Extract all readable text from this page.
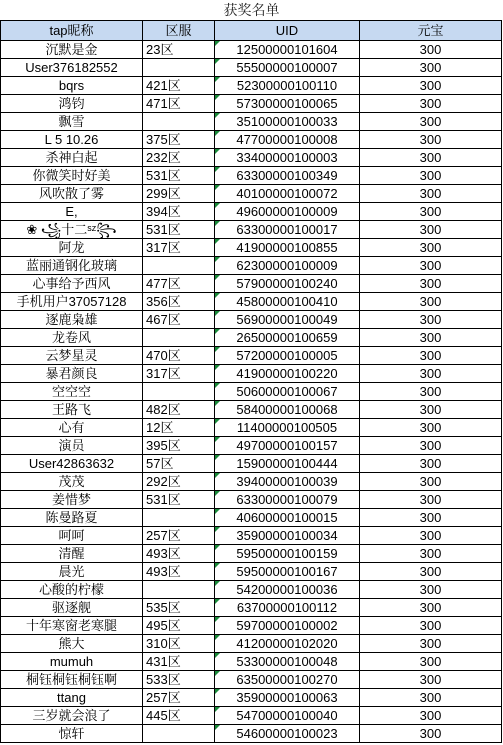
获奖名单
tap昵称	区服	UID	元宝
沉默是金	23区	12500000101604	300
User376182552		55500000100007	300
bqrs	421区	52300000100110	300
鸿钧	471区	57300000100065	300
飘雪		35100000100033	300
L 5 10.26	375区	47700000100008	300
杀神白起	232区	33400000100003	300
你微笑时好美	531区	63300000100349	300
风吹散了雾	299区	40100000100072	300
E,	394区	49600000100009	300
❀ ꧁十二ˢᶻ꧂	531区	63300000100017	300
阿龙	317区	41900000100855	300
蓝丽通钢化玻璃		62300000100009	300
心事给予西风	477区	57900000100240	300
手机用户37057128	356区	45800000100410	300
逐鹿枭雄	467区	56900000100049	300
龙卷风		26500000100659	300
云梦星灵	470区	57200000100005	300
暴君颜良	317区	41900000100220	300
空空空		50600000100067	300
王路飞	482区	58400000100068	300
心有	12区	11400000100505	300
演员	395区	49700000100157	300
User42863632	57区	15900000100444	300
茂茂	292区	39400000100039	300
姜惜梦	531区	63300000100079	300
陈曼路夏		40600000100015	300
呵呵	257区	35900000100034	300
清醒	493区	59500000100159	300
晨光	493区	59500000100167	300
心酸的柠檬		54200000100036	300
驱逐舰	535区	63700000100112	300
十年寒窗老寒腿	495区	59700000100002	300
熊大	310区	41200000102020	300
mumuh	431区	53300000100048	300
桐钰桐钰桐钰啊	533区	63500000100270	300
ttang	257区	35900000100063	300
三岁就会浪了	445区	54700000100040	300
惊轩		54600000100023	300
